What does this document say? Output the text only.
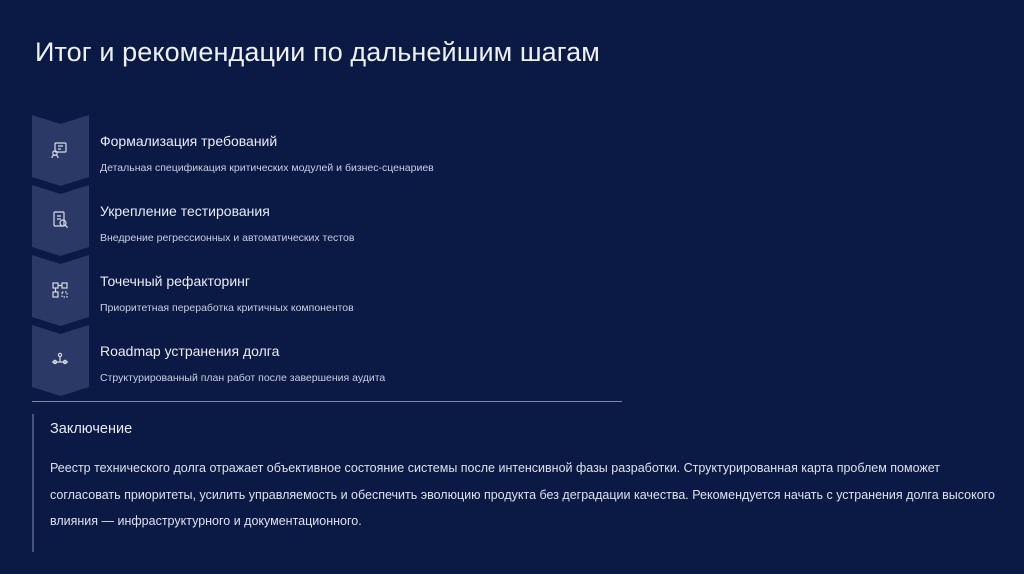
Итог и рекомендации по дальнейшим шагам
Формализация требований
Детальная спецификация критических модулей и бизнес-сценариев
Укрепление тестирования
Внедрение регрессионных и автоматических тестов
Точечный рефакторинг
Приоритетная переработка критичных компонентов
Roadmap устранения долга
Структурированный план работ после завершения аудита
Заключение
Реестр технического долга отражает объективное состояние системы после интенсивной фазы разработки. Структурированная карта проблем поможет согласовать приоритеты, усилить управляемость и обеспечить эволюцию продукта без деградации качества. Рекомендуется начать с устранения долга высокого влияния — инфраструктурного и документационного.
